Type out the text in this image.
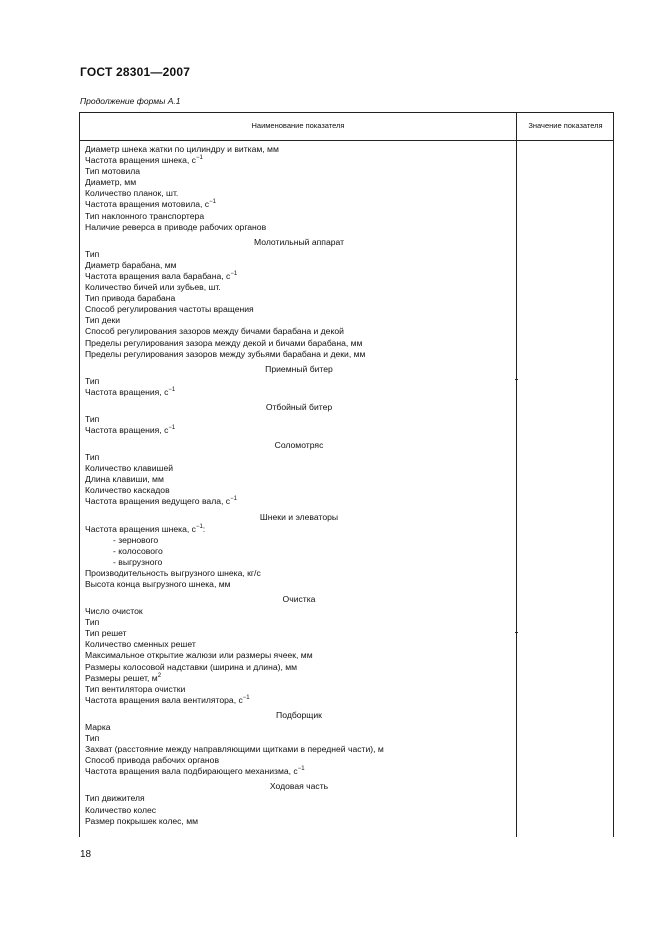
ГОСТ 28301—2007
Продолжение формы А.1
Наименование показателя	Значение показателя
Диаметр шнека жатки по цилиндру и виткам, мм
Частота вращения шнека, $с^{-1}$
Тип мотовила
Диаметр, мм
Количество планок, шт.
Частота вращения мотовила, $с^{-1}$
Тип наклонного транспортера
Наличие реверса в приводе рабочих органов
Молотильный аппарат
Тип
Диаметр барабана, мм
Частота вращения вала барабана, $с^{-1}$
Количество бичей или зубьев, шт.
Тип привода барабана
Способ регулирования частоты вращения
Тип деки
Способ регулирования зазоров между бичами барабана и декой
Пределы регулирования зазора между декой и бичами барабана, мм
Пределы регулирования зазоров между зубьями барабана и деки, мм
Приемный битер
Тип
Частота вращения, $с^{-1}$
Отбойный битер
Тип
Частота вращения, $с^{-1}$
Соломотряс
Тип
Количество клавишей
Длина клавиши, мм
Количество каскадов
Частота вращения ведущего вала, $с^{-1}$
Шнеки и элеваторы
Частота вращения шнека, $с^{-1}$:
- зернового
- колосового
- выгрузного
Производительность выгрузного шнека, кг/с
Высота конца выгрузного шнека, мм
Очистка
Число очисток
Тип
Тип решет
Количество сменных решет
Максимальное открытие жалюзи или размеры ячеек, мм
Размеры колосовой надставки (ширина и длина), мм
Размеры решет, $м^2$
Тип вентилятора очистки
Частота вращения вала вентилятора, $с^{-1}$
Подборщик
Марка
Тип
Захват (расстояние между направляющими щитками в передней части), м
Способ привода рабочих органов
Частота вращения вала подбирающего механизма, $с^{-1}$
Ходовая часть
Тип движителя
Количество колес
Размер покрышек колес, мм
18
